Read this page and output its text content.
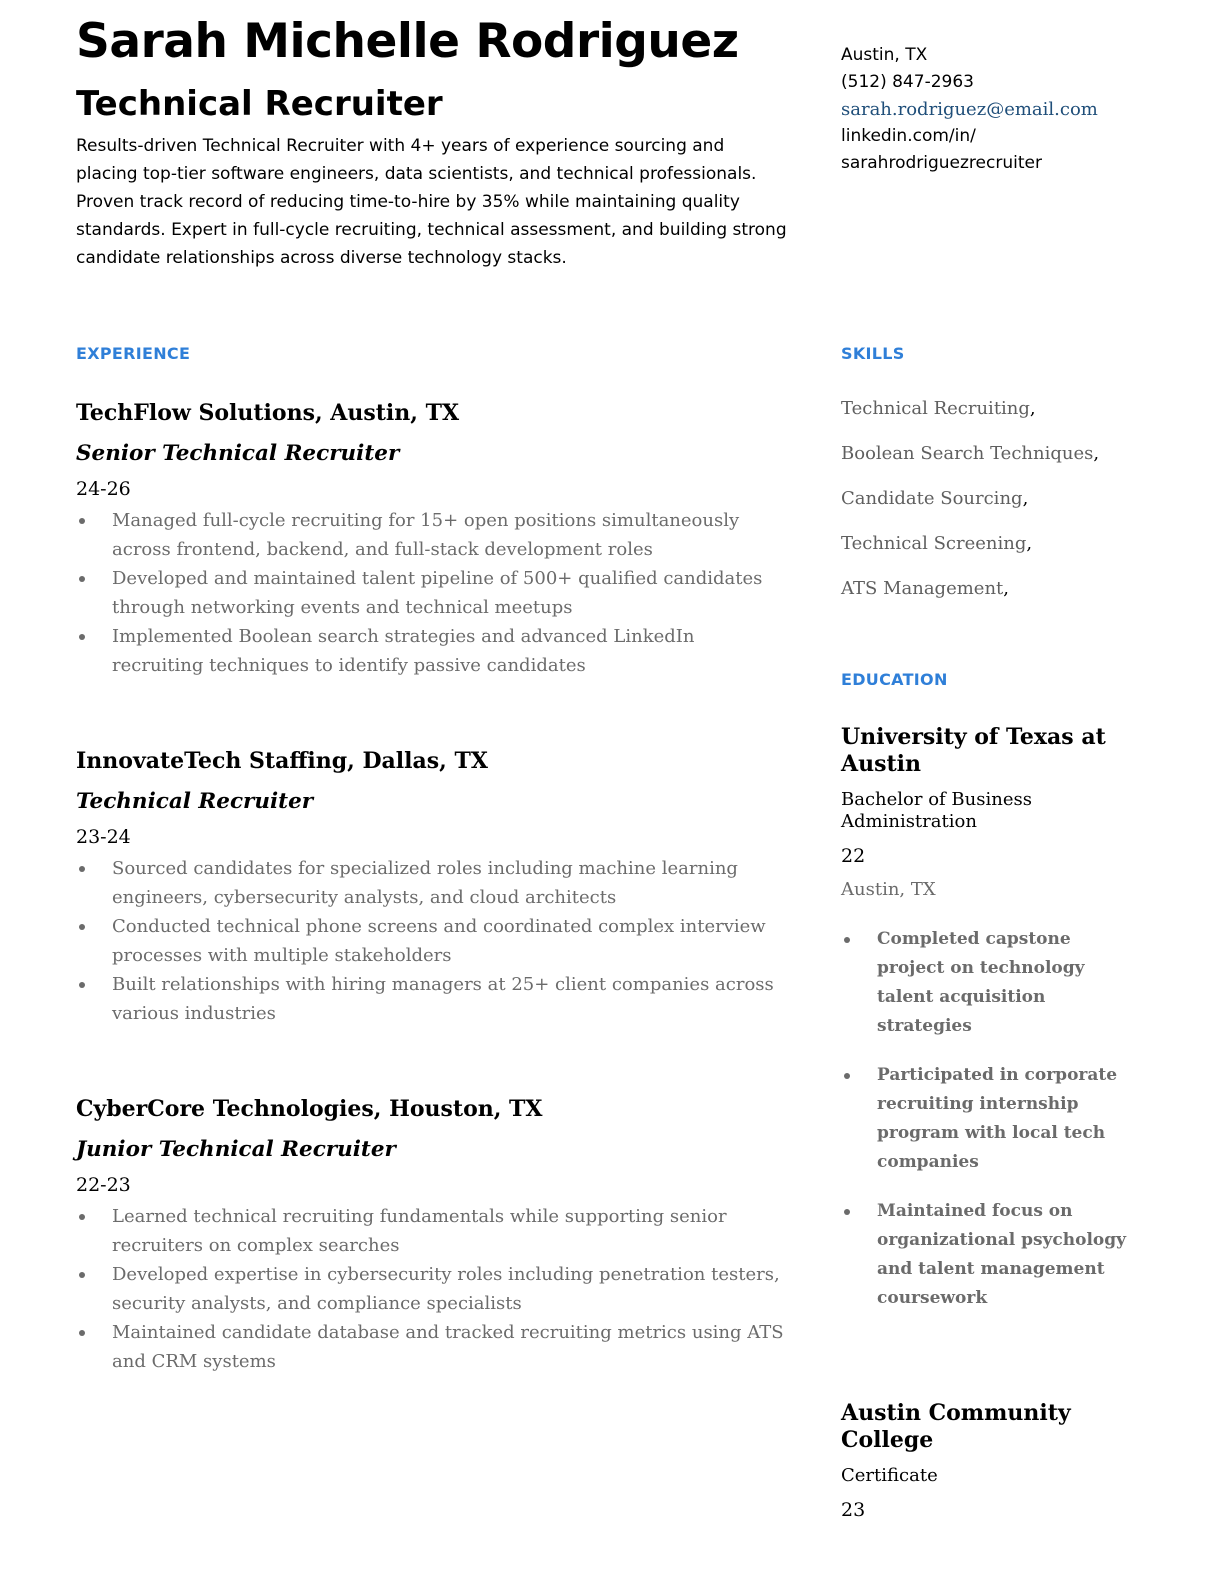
Sarah Michelle Rodriguez
Technical Recruiter

Results-driven Technical Recruiter with 4+ years of experience sourcing and placing top-tier software engineers, data scientists, and technical professionals. Proven track record of reducing time-to-hire by 35% while maintaining quality standards. Expert in full-cycle recruiting, technical assessment, and building strong candidate relationships across diverse technology stacks.

EXPERIENCE

TechFlow Solutions, Austin, TX

Senior Technical Recruiter

24-26

Managed full-cycle recruiting for 15+ open positions simultaneously across frontend, backend, and full-stack development roles
Developed and maintained talent pipeline of 500+ qualified candidates through networking events and technical meetups
Implemented Boolean search strategies and advanced LinkedIn recruiting techniques to identify passive candidates

InnovateTech Staffing, Dallas, TX

Technical Recruiter

23-24

Sourced candidates for specialized roles including machine learning engineers, cybersecurity analysts, and cloud architects
Conducted technical phone screens and coordinated complex interview processes with multiple stakeholders
Built relationships with hiring managers at 25+ client companies across various industries

CyberCore Technologies, Houston, TX

Junior Technical Recruiter

22-23

Learned technical recruiting fundamentals while supporting senior recruiters on complex searches
Developed expertise in cybersecurity roles including penetration testers, security analysts, and compliance specialists
Maintained candidate database and tracked recruiting metrics using ATS and CRM systems
Austin, TX
(512) 847-2963
sarah.rodriguez@email.com
linkedin.com/in/
sarahrodriguezrecruiter
SKILLS
Technical Recruiting,
Boolean Search Techniques,
Candidate Sourcing,
Technical Screening,
ATS Management,
EDUCATION

University of Texas at Austin

Bachelor of Business Administration

22

Austin, TX

Completed capstone project on technology talent acquisition strategies
Participated in corporate recruiting internship program with local tech companies
Maintained focus on organizational psychology and talent management coursework

Austin Community College

Certificate

23
